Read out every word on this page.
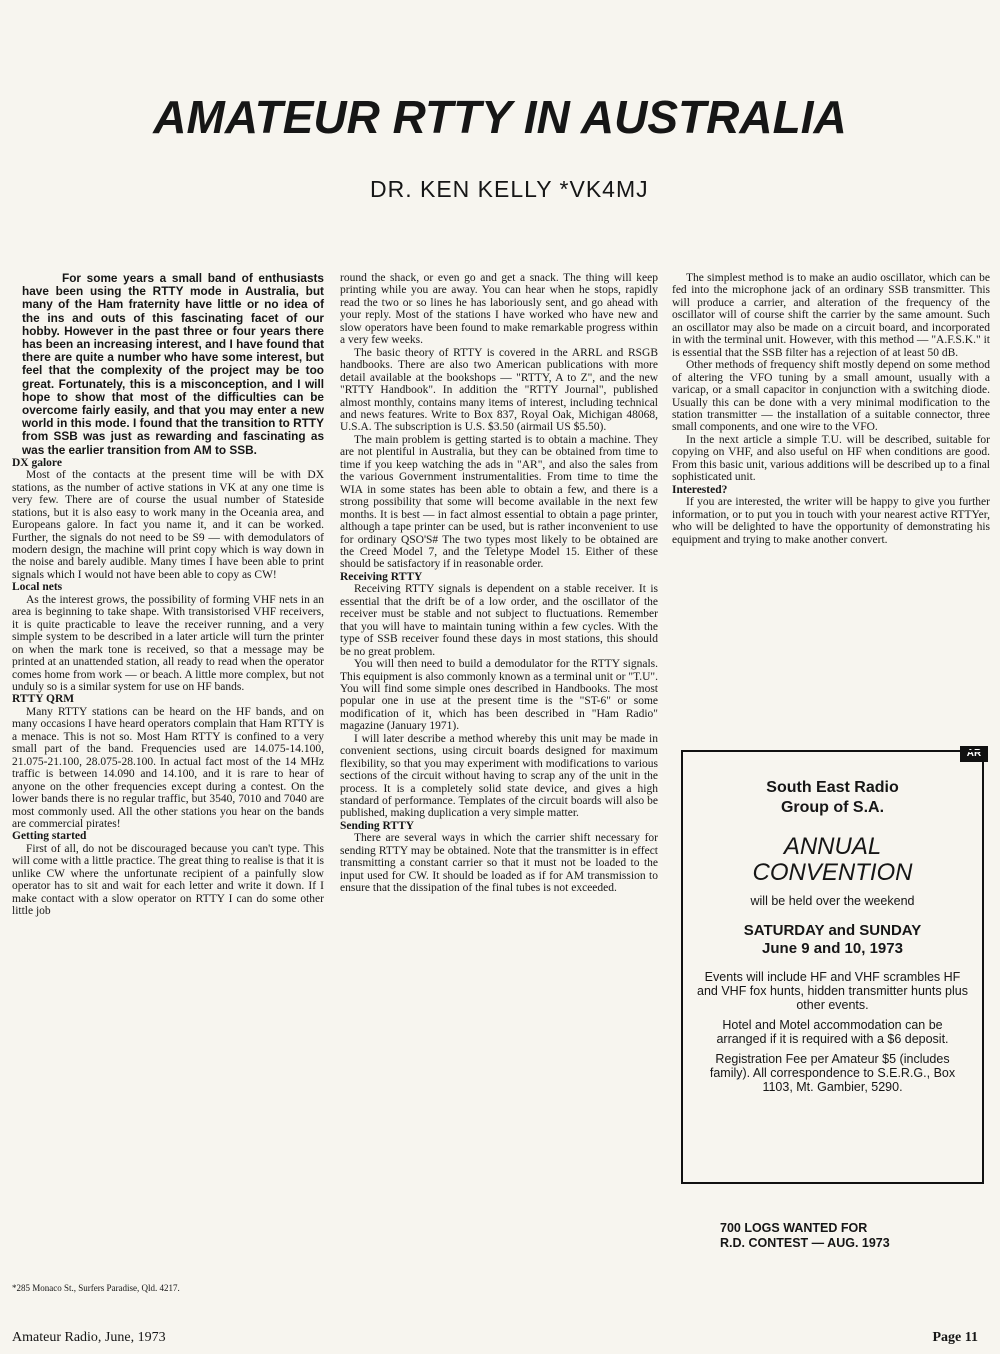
AMATEUR RTTY IN AUSTRALIA

DR. KEN KELLY *VK4MJ

For some years a small band of enthusiasts have been using the RTTY mode in Australia, but many of the Ham fraternity have little or no idea of the ins and outs of this fascinating facet of our hobby. However in the past three or four years there has been an increasing interest, and I have found that there are quite a number who have some interest, but feel that the complexity of the project may be too great. Fortunately, this is a misconception, and I will hope to show that most of the difficulties can be overcome fairly easily, and that you may enter a new world in this mode. I found that the transition to RTTY from SSB was just as rewarding and fascinating as was the earlier transition from AM to SSB.

DX galore

Most of the contacts at the present time will be with DX stations, as the number of active stations in VK at any one time is very few. There are of course the usual number of Stateside stations, but it is also easy to work many in the Oceania area, and Europeans galore. In fact you name it, and it can be worked. Further, the signals do not need to be S9 — with demodulators of modern design, the machine will print copy which is way down in the noise and barely audible. Many times I have been able to print signals which I would not have been able to copy as CW!

Local nets

As the interest grows, the possibility of forming VHF nets in an area is beginning to take shape. With transistorised VHF receivers, it is quite practicable to leave the receiver running, and a very simple system to be described in a later article will turn the printer on when the mark tone is received, so that a message may be printed at an unattended station, all ready to read when the operator comes home from work — or beach. A little more complex, but not unduly so is a similar system for use on HF bands.

RTTY QRM

Many RTTY stations can be heard on the HF bands, and on many occasions I have heard operators complain that Ham RTTY is a menace. This is not so. Most Ham RTTY is confined to a very small part of the band. Frequencies used are 14.075-14.100, 21.075-21.100, 28.075-28.100. In actual fact most of the 14 MHz traffic is between 14.090 and 14.100, and it is rare to hear of anyone on the other frequencies except during a contest. On the lower bands there is no regular traffic, but 3540, 7010 and 7040 are most commonly used. All the other stations you hear on the bands are commercial pirates!

Getting started

First of all, do not be discouraged because you can't type. This will come with a little practice. The great thing to realise is that it is unlike CW where the unfortunate recipient of a painfully slow operator has to sit and wait for each letter and write it down. If I make contact with a slow operator on RTTY I can do some other little job

round the shack, or even go and get a snack. The thing will keep printing while you are away. You can hear when he stops, rapidly read the two or so lines he has laboriously sent, and go ahead with your reply. Most of the stations I have worked who have new and slow operators have been found to make remarkable progress within a very few weeks.

The basic theory of RTTY is covered in the ARRL and RSGB handbooks. There are also two American publications with more detail available at the bookshops — "RTTY, A to Z", and the new "RTTY Handbook". In addition the "RTTY Journal", published almost monthly, contains many items of interest, including technical and news features. Write to Box 837, Royal Oak, Michigan 48068, U.S.A. The subscription is U.S. $3.50 (airmail US $5.50).

The main problem is getting started is to obtain a machine. They are not plentiful in Australia, but they can be obtained from time to time if you keep watching the ads in "AR", and also the sales from the various Government instrumentalities. From time to time the WIA in some states has been able to obtain a few, and there is a strong possibility that some will become available in the next few months. It is best — in fact almost essential to obtain a page printer, although a tape printer can be used, but is rather inconvenient to use for ordinary QSO'S# The two types most likely to be obtained are the Creed Model 7, and the Teletype Model 15. Either of these should be satisfactory if in reasonable order.

Receiving RTTY

Receiving RTTY signals is dependent on a stable receiver. It is essential that the drift be of a low order, and the oscillator of the receiver must be stable and not subject to fluctuations. Remember that you will have to maintain tuning within a few cycles. With the type of SSB receiver found these days in most stations, this should be no great problem.

You will then need to build a demodulator for the RTTY signals. This equipment is also commonly known as a terminal unit or "T.U". You will find some simple ones described in Handbooks. The most popular one in use at the present time is the "ST-6" or some modification of it, which has been described in "Ham Radio" magazine (January 1971).

I will later describe a method whereby this unit may be made in convenient sections, using circuit boards designed for maximum flexibility, so that you may experiment with modifications to various sections of the circuit without having to scrap any of the unit in the process. It is a completely solid state device, and gives a high standard of performance. Templates of the circuit boards will also be published, making duplication a very simple matter.

Sending RTTY

There are several ways in which the carrier shift necessary for sending RTTY may be obtained. Note that the transmitter is in effect transmitting a constant carrier so that it must not be loaded to the input used for CW. It should be loaded as if for AM transmission to ensure that the dissipation of the final tubes is not exceeded.

The simplest method is to make an audio oscillator, which can be fed into the microphone jack of an ordinary SSB transmitter. This will produce a carrier, and alteration of the frequency of the oscillator will of course shift the carrier by the same amount. Such an oscillator may also be made on a circuit board, and incorporated in with the terminal unit. However, with this method — "A.F.S.K." it is essential that the SSB filter has a rejection of at least 50 dB.

Other methods of frequency shift mostly depend on some method of altering the VFO tuning by a small amount, usually with a varicap, or a small capacitor in conjunction with a switching diode. Usually this can be done with a very minimal modification to the station transmitter — the installation of a suitable connector, three small components, and one wire to the VFO.

In the next article a simple T.U. will be described, suitable for copying on VHF, and also useful on HF when conditions are good. From this basic unit, various additions will be described up to a final sophisticated unit.

Interested?

If you are interested, the writer will be happy to give you further information, or to put you in touch with your nearest active RTTYer, who will be delighted to have the opportunity of demonstrating his equipment and trying to make another convert.

AR

South East Radio
Group of S.A.

ANNUAL
CONVENTION

will be held over the weekend

SATURDAY and SUNDAY
June 9 and 10, 1973

Events will include HF and VHF scrambles HF and VHF fox hunts, hidden transmitter hunts plus other events.

Hotel and Motel accommodation can be arranged if it is required with a $6 deposit.

Registration Fee per Amateur $5 (includes family). All correspondence to S.E.R.G., Box 1103, Mt. Gambier, 5290.

700 LOGS WANTED FOR
R.D. CONTEST — AUG. 1973

*285 Monaco St., Surfers Paradise, Qld. 4217.

Amateur Radio, June, 1973	Page 11
